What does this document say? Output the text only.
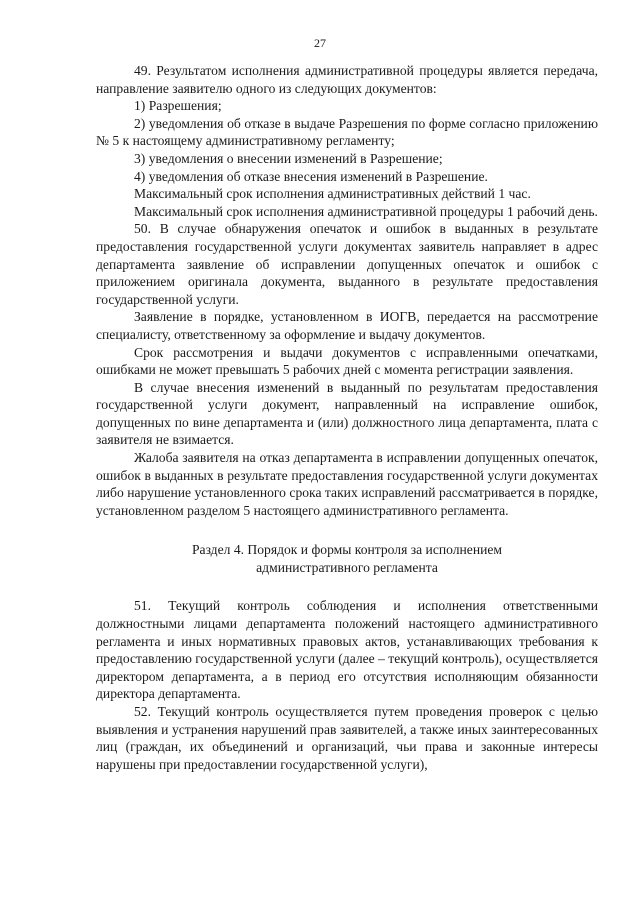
27

49. Результатом исполнения административной процедуры является передача, направление заявителю одного из следующих документов:

1) Разрешения;

2) уведомления об отказе в выдаче Разрешения по форме согласно приложению № 5 к настоящему административному регламенту;

3) уведомления о внесении изменений в Разрешение;

4) уведомления об отказе внесения изменений в Разрешение.

Максимальный срок исполнения административных действий 1 час.

Максимальный срок исполнения административной процедуры 1 рабочий день.

50. В случае обнаружения опечаток и ошибок в выданных в результате предоставления государственной услуги документах заявитель направляет в адрес департамента заявление об исправлении допущенных опечаток и ошибок с приложением оригинала документа, выданного в результате предоставления государственной услуги.

Заявление в порядке, установленном в ИОГВ, передается на рассмотрение специалисту, ответственному за оформление и выдачу документов.

Срок рассмотрения и выдачи документов с исправленными опечатками, ошибками не может превышать 5 рабочих дней с момента регистрации заявления.

В случае внесения изменений в выданный по результатам предоставления государственной услуги документ, направленный на исправление ошибок, допущенных по вине департамента и (или) должностного лица департамента, плата с заявителя не взимается.

Жалоба заявителя на отказ департамента в исправлении допущенных опечаток, ошибок в выданных в результате предоставления государственной услуги документах либо нарушение установленного срока таких исправлений рассматривается в порядке, установленном разделом 5 настоящего административного регламента.

Раздел 4. Порядок и формы контроля за исполнением
административного регламента

51. Текущий контроль соблюдения и исполнения ответственными должностными лицами департамента положений настоящего административного регламента и иных нормативных правовых актов, устанавливающих требования к предоставлению государственной услуги (далее – текущий контроль), осуществляется директором департамента, а в период его отсутствия исполняющим обязанности директора департамента.

52. Текущий контроль осуществляется путем проведения проверок с целью выявления и устранения нарушений прав заявителей, а также иных заинтересованных лиц (граждан, их объединений и организаций, чьи права и законные интересы нарушены при предоставлении государственной услуги),
